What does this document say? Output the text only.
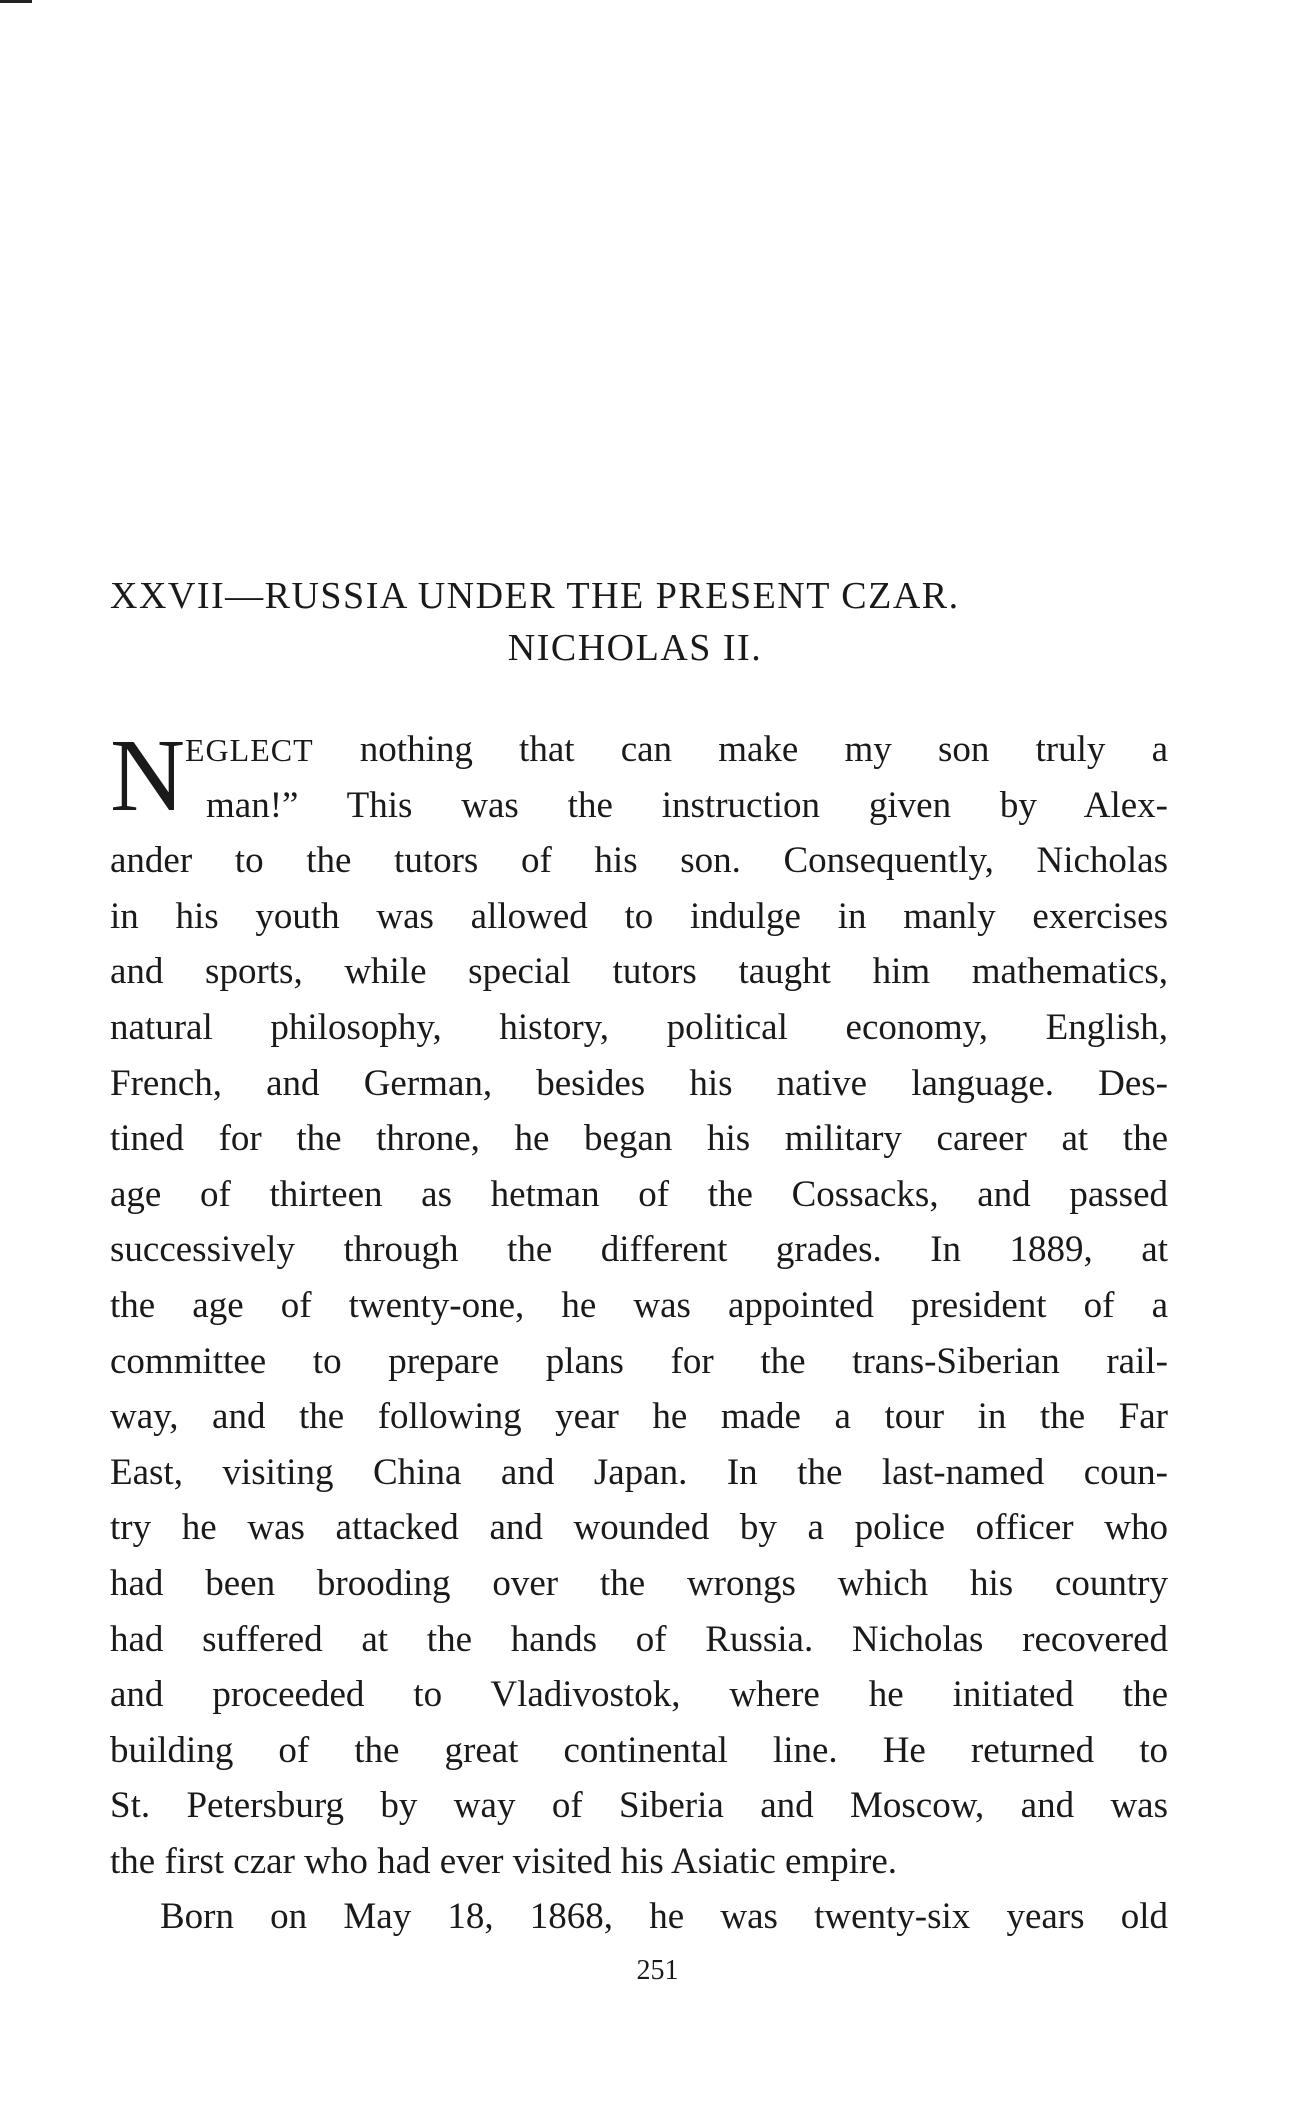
XXVII—RUSSIA UNDER THE PRESENT CZAR.
NICHOLAS II.
N EGLECT nothing that can make my son truly a
man!” This was the instruction given by Alex-
ander to the tutors of his son. Consequently, Nicholas
in his youth was allowed to indulge in manly exercises
and sports, while special tutors taught him mathematics,
natural philosophy, history, political economy, English,
French, and German, besides his native language. Des-
tined for the throne, he began his military career at the
age of thirteen as hetman of the Cossacks, and passed
successively through the different grades. In 1889, at
the age of twenty-one, he was appointed president of a
committee to prepare plans for the trans-Siberian rail-
way, and the following year he made a tour in the Far
East, visiting China and Japan. In the last-named coun-
try he was attacked and wounded by a police officer who
had been brooding over the wrongs which his country
had suffered at the hands of Russia. Nicholas recovered
and proceeded to Vladivostok, where he initiated the
building of the great continental line. He returned to
St. Petersburg by way of Siberia and Moscow, and was
the first czar who had ever visited his Asiatic empire.
Born on May 18, 1868, he was twenty-six years old
251
